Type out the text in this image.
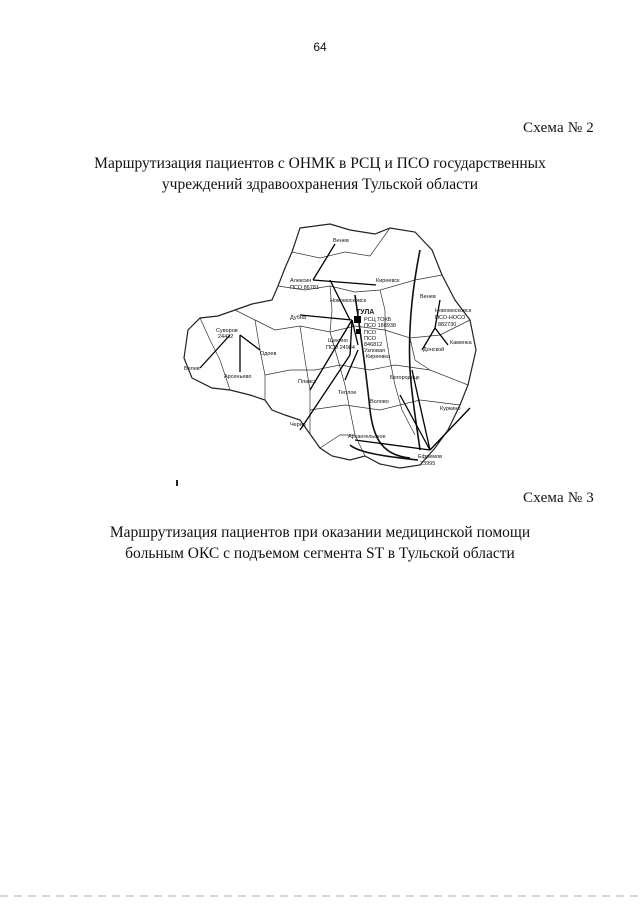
64
Схема № 2
Маршрутизация пациентов с ОНМК в РСЦ и ПСО государственных
учреждений здравоохранения Тульской области
Венев
Алексин
ПСО 86781
Киреевск
Венев
Новомосковск
Новомосковск
ПСО-НОСО
882730
Дубна
ТУЛА
РСЦ ТОКБ
ПСО 188938
ПСО
ПСО
846812
Узловая
Каменка
Донской
Суворов
24432
Одоев
Щекино
ПСО 24984
Киреевка
Белев
Арсеньево
Плавск
Богородицк
Теплое
Волово
Куркино
Чернь
Архангельское
Ефремов
23995
Схема № 3
Маршрутизация пациентов при оказании медицинской помощи
больным ОКС с подъемом сегмента ST в Тульской области
